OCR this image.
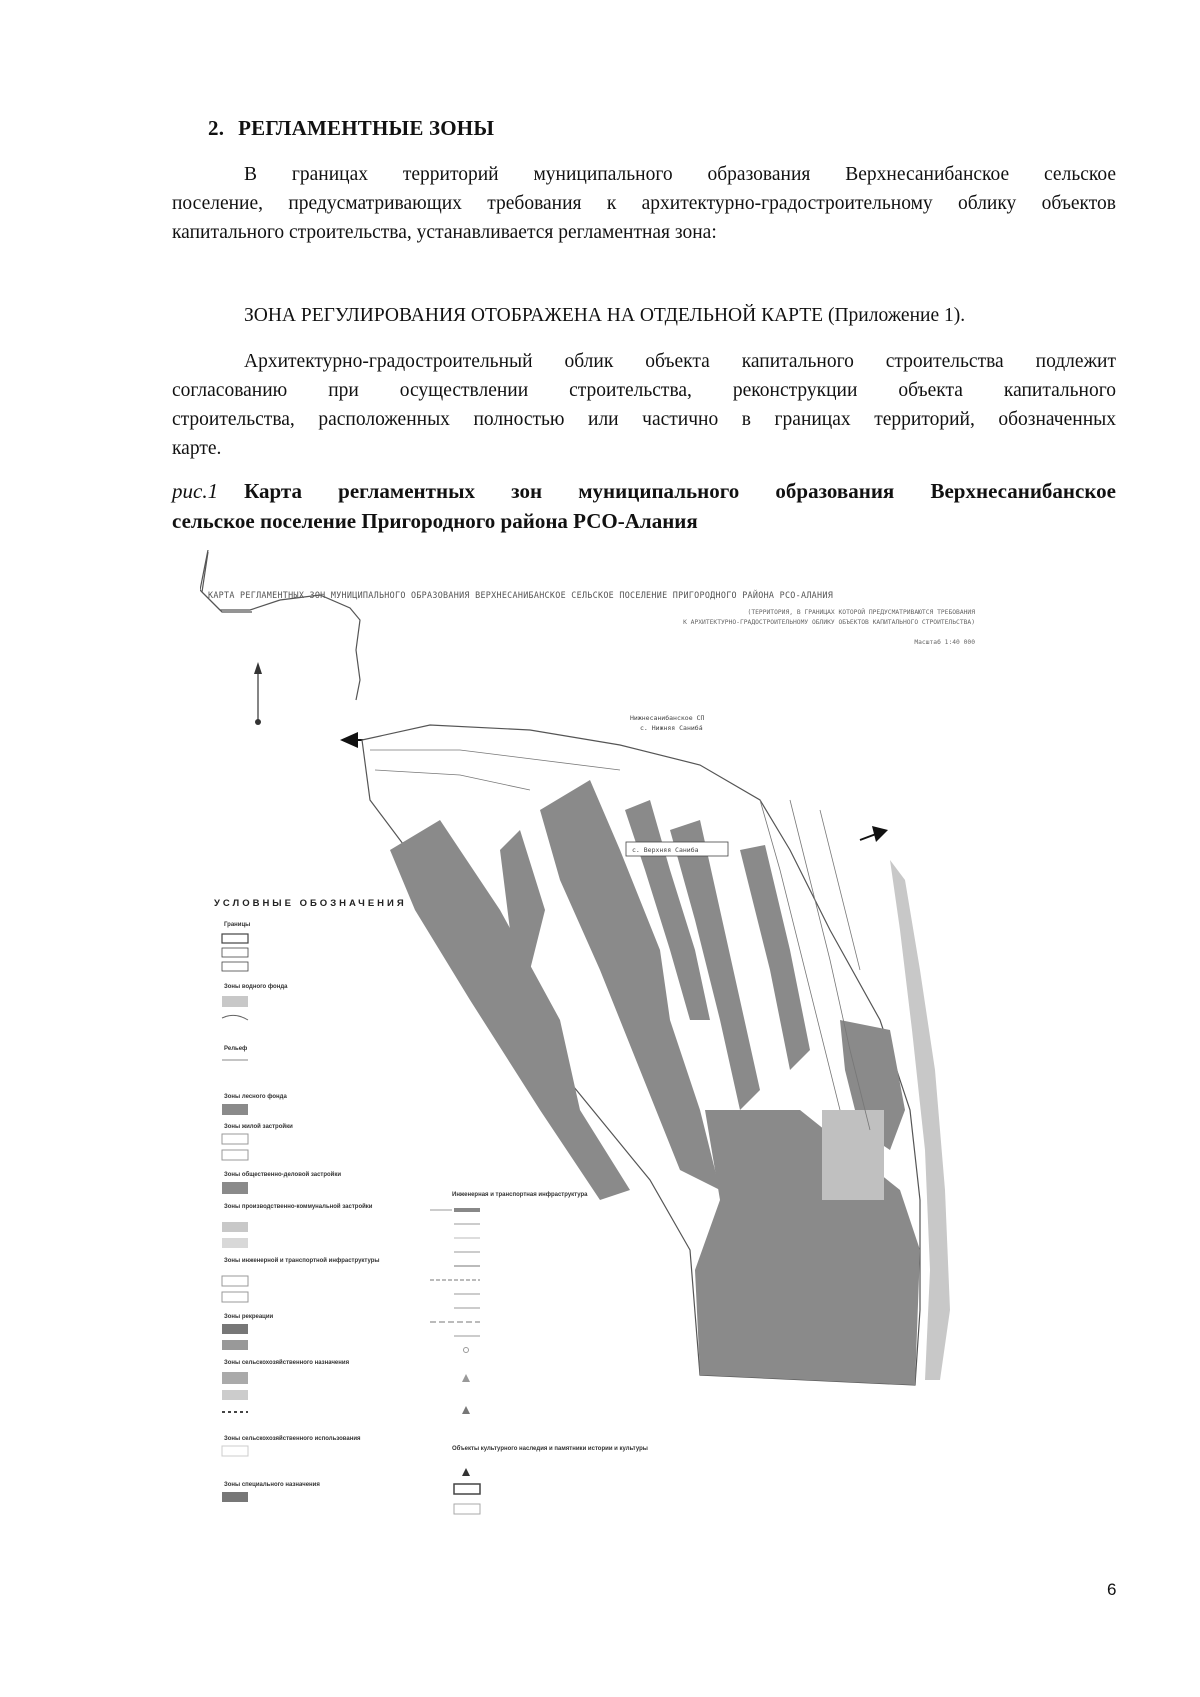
2. РЕГЛАМЕНТНЫЕ ЗОНЫ
В границах территорий муниципального образования Верхнесанибанское сельское
поселение, предусматривающих требования к архитектурно-градостроительному облику объектов
капитального строительства, устанавливается регламентная зона:
ЗОНА РЕГУЛИРОВАНИЯ ОТОБРАЖЕНА НА ОТДЕЛЬНОЙ КАРТЕ (Приложение 1).
Архитектурно-градостроительный облик объекта капитального строительства подлежит
согласованию при осуществлении строительства, реконструкции объекта капитального
строительства, расположенных полностью или частично в границах территорий, обозначенных
карте.
рис.1 Карта регламентных зон муниципального образования Верхнесанибанское
сельское поселение Пригородного района РСО-Алания
КАРТА РЕГЛАМЕНТНЫХ ЗОН МУНИЦИПАЛЬНОГО ОБРАЗОВАНИЯ ВЕРХНЕСАНИБАНСКОЕ СЕЛЬСКОЕ ПОСЕЛЕНИЕ ПРИГОРОДНОГО РАЙОНА РСО-АЛАНИЯ
(ТЕРРИТОРИЯ, В ГРАНИЦАХ КОТОРОЙ ПРЕДУСМАТРИВАЮТСЯ ТРЕБОВАНИЯ
К АРХИТЕКТУРНО-ГРАДОСТРОИТЕЛЬНОМУ ОБЛИКУ ОБЪЕКТОВ КАПИТАЛЬНОГО СТРОИТЕЛЬСТВА)
Масштаб 1:40 000
Нижнесанибанское СП
с. Нижняя Санибá
с. Верхняя Саниба
УСЛОВНЫЕ ОБОЗНАЧЕНИЯ
Границы
Зоны водного фонда
Рельеф
Зоны лесного фонда
Зоны жилой застройки
Зоны общественно-деловой застройки
Зоны производственно-коммунальной застройки
Зоны инженерной и транспортной инфраструктуры
Зоны рекреации
Зоны сельскохозяйственного назначения
Зоны сельскохозяйственного использования
Зоны специального назначения
Инженерная и транспортная инфраструктура
Объекты культурного наследия и памятники истории и культуры
6
